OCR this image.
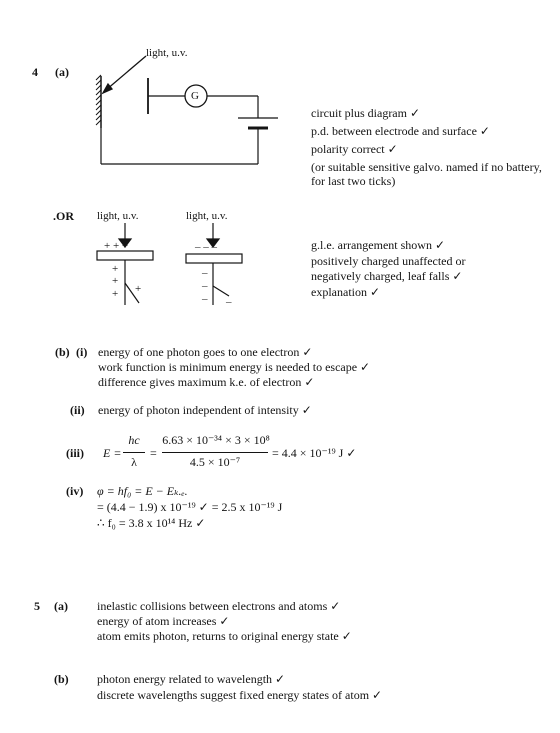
4 (a)
light, u.v.
+
+
+ +
–
–
– –
G
circuit plus diagram ✓
p.d. between electrode and surface ✓
polarity correct ✓
(or suitable sensitive galvo. named if no battery,
for last two ticks)
.OR light, u.v.	light, u.v.
+ + +	– – –	g.l.e. arrangement shown ✓
positively charged unaffected or
negatively charged, leaf falls ✓
explanation ✓
(b) (i) energy of one photon goes to one electron ✓
work function is minimum energy is needed to escape ✓
difference gives maximum k.e. of electron ✓
(ii) energy of photon independent of intensity ✓
(iii) E =
hc
λ
=
6.63 × 10⁻³⁴ × 3 × 10⁸
4.5 × 10⁻⁷
= 4.4 × 10⁻¹⁹ J ✓
(iv) φ = hf₀ = E − Eₖ.ₑ.
= (4.4 − 1.9) x 10⁻¹⁹ ✓ = 2.5 x 10⁻¹⁹ J
∴ f₀ = 3.8 x 10¹⁴ Hz ✓
5 (a) inelastic collisions between electrons and atoms ✓
energy of atom increases ✓
atom emits photon, returns to original energy state ✓
(b) photon energy related to wavelength ✓
discrete wavelengths suggest fixed energy states of atom ✓
